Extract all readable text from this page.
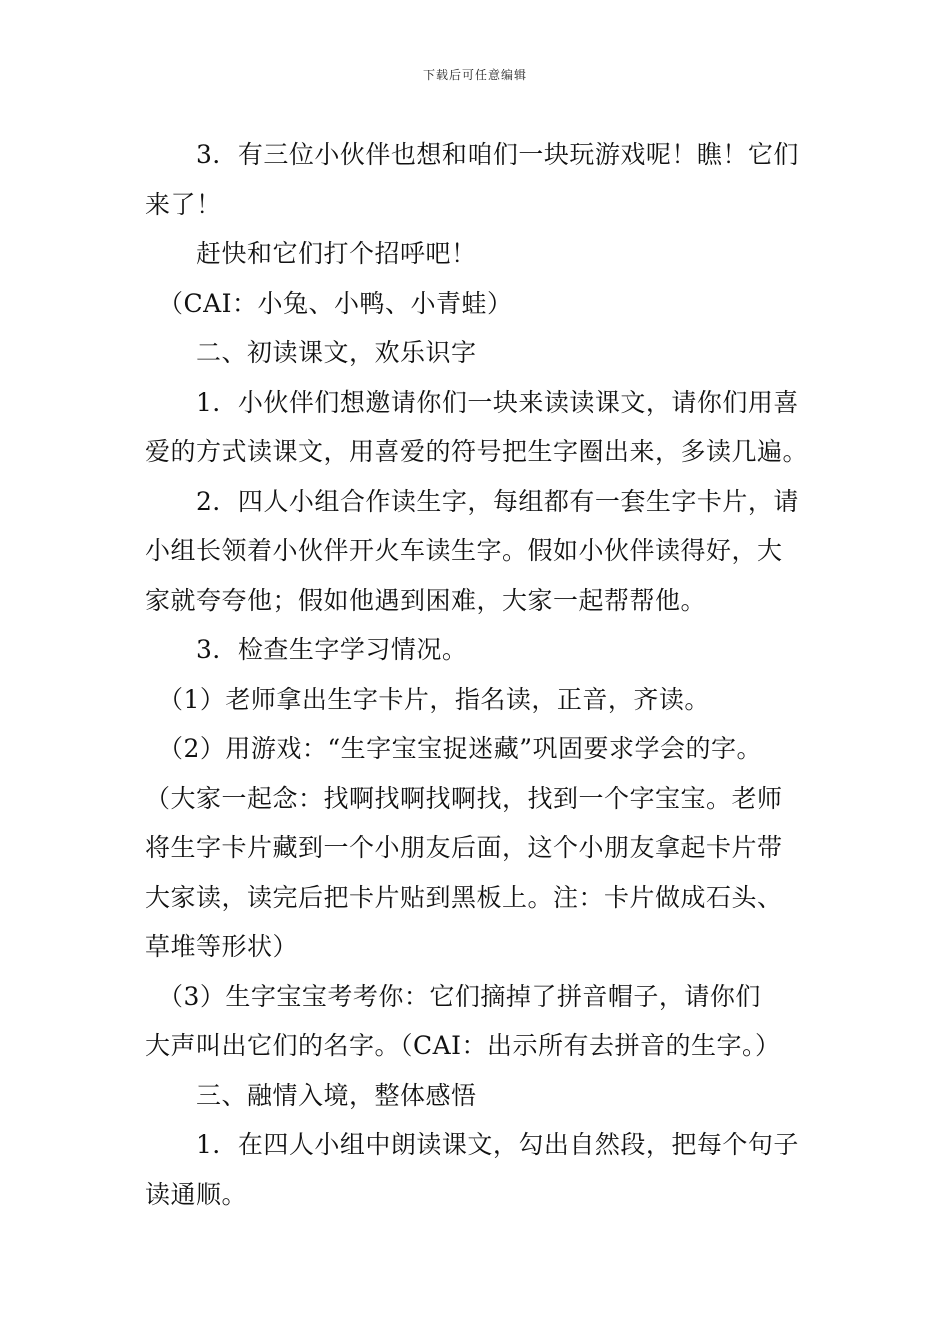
下载后可任意编辑

　　3．有三位小伙伴也想和咱们一块玩游戏呢！瞧！它们

来了！

　　赶快和它们打个招呼吧！

　（CAI：小兔、小鸭、小青蛙）

　　二、初读课文，欢乐识字

　　1．小伙伴们想邀请你们一块来读读课文，请你们用喜

爱的方式读课文，用喜爱的符号把生字圈出来，多读几遍。

　　2．四人小组合作读生字，每组都有一套生字卡片，请

小组长领着小伙伴开火车读生字。假如小伙伴读得好，大

家就夸夸他；假如他遇到困难，大家一起帮帮他。

　　3．检查生字学习情况。

　（1）老师拿出生字卡片，指名读，正音，齐读。

　（2）用游戏：“生字宝宝捉迷藏”巩固要求学会的字。

（大家一起念：找啊找啊找啊找，找到一个字宝宝。老师

将生字卡片藏到一个小朋友后面，这个小朋友拿起卡片带

大家读，读完后把卡片贴到黑板上。注：卡片做成石头、

草堆等形状）

　（3）生字宝宝考考你：它们摘掉了拼音帽子，请你们

大声叫出它们的名字。（CAI：出示所有去拼音的生字。）

　　三、融情入境，整体感悟

　　1．在四人小组中朗读课文，勾出自然段，把每个句子

读通顺。
